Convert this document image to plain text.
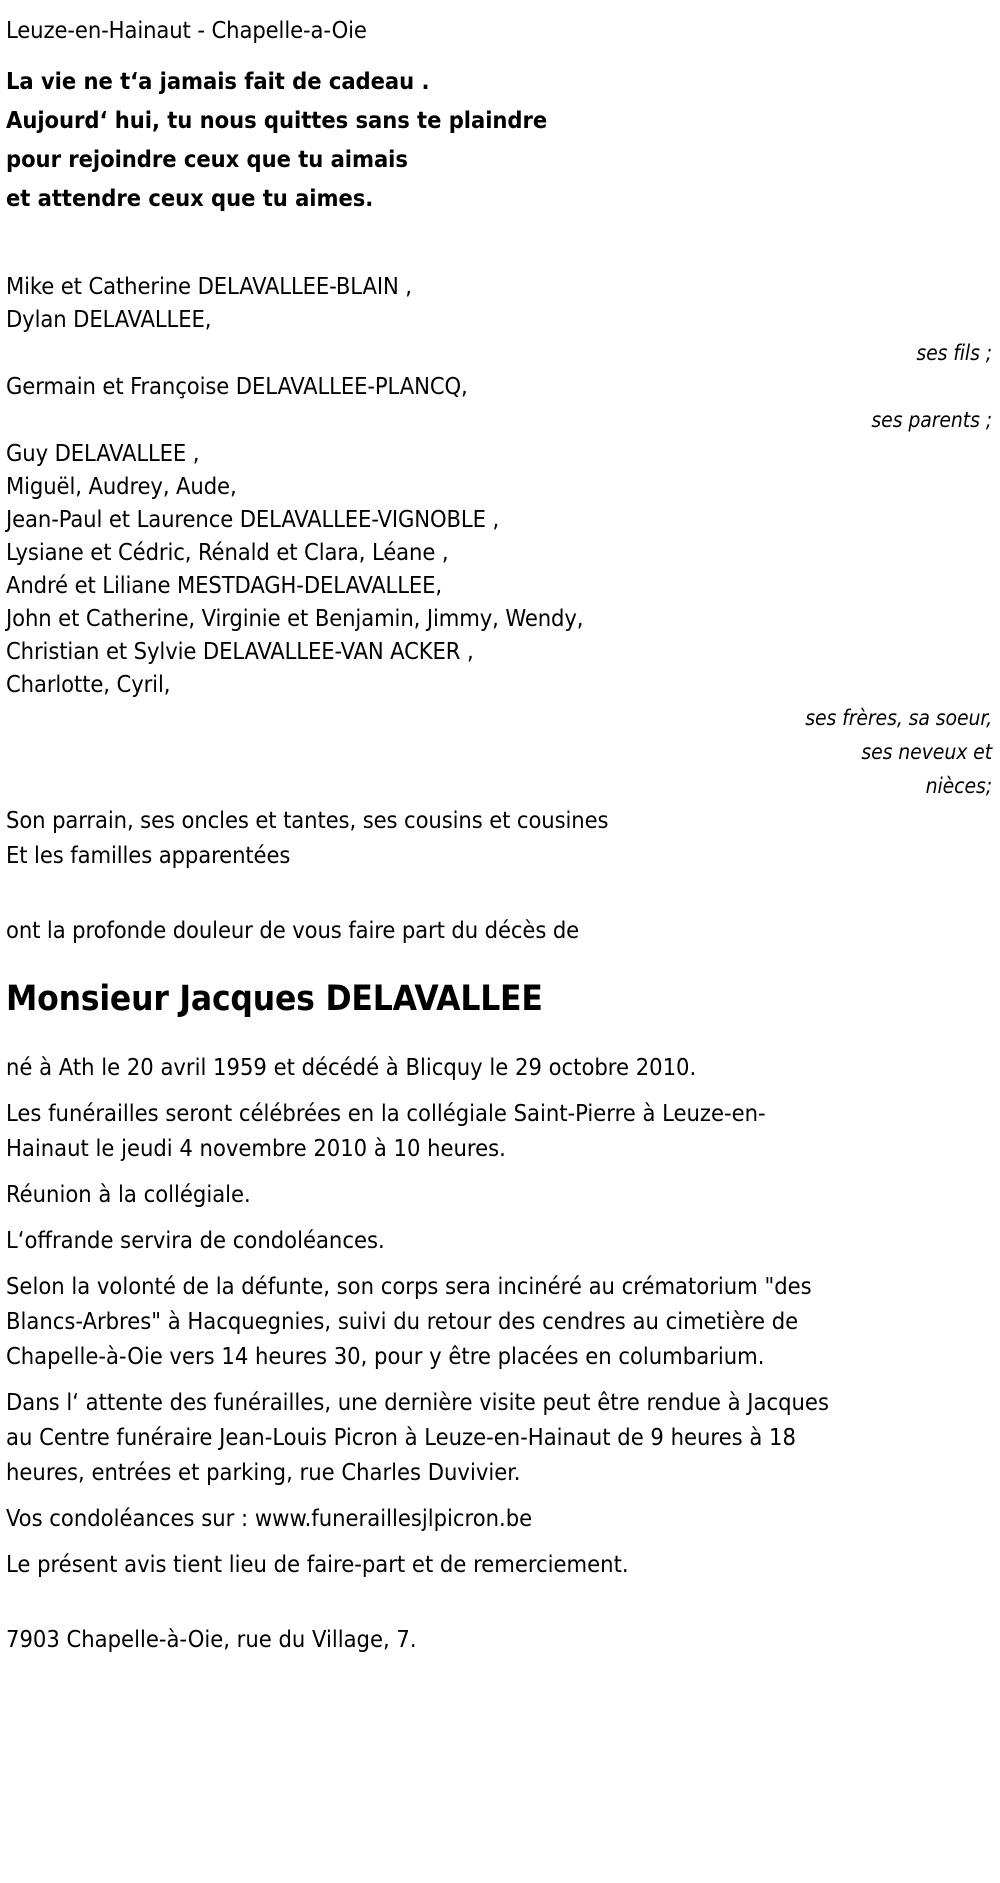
Leuze-en-Hainaut - Chapelle-a-Oie
La vie ne t‘a jamais fait de cadeau .
Aujourd‘ hui, tu nous quittes sans te plaindre
pour rejoindre ceux que tu aimais
et attendre ceux que tu aimes.
Mike et Catherine DELAVALLEE-BLAIN ,
Dylan DELAVALLEE,
ses fils ;
Germain et Françoise DELAVALLEE-PLANCQ,
ses parents ;
Guy DELAVALLEE ,
Miguël, Audrey, Aude,
Jean-Paul et Laurence DELAVALLEE-VIGNOBLE ,
Lysiane et Cédric, Rénald et Clara, Léane ,
André et Liliane MESTDAGH-DELAVALLEE,
John et Catherine, Virginie et Benjamin, Jimmy, Wendy,
Christian et Sylvie DELAVALLEE-VAN ACKER ,
Charlotte, Cyril,
ses frères, sa soeur,
ses neveux et
nièces;
Son parrain, ses oncles et tantes, ses cousins et cousines
Et les familles apparentées
ont la profonde douleur de vous faire part du décès de
Monsieur Jacques DELAVALLEE
né à Ath le 20 avril 1959 et décédé à Blicquy le 29 octobre 2010.
Les funérailles seront célébrées en la collégiale Saint-Pierre à Leuze-en-Hainaut le jeudi 4 novembre 2010 à 10 heures.
Réunion à la collégiale.
L‘offrande servira de condoléances.
Selon la volonté de la défunte, son corps sera incinéré au crématorium "des Blancs-Arbres" à Hacquegnies, suivi du retour des cendres au cimetière de Chapelle-à-Oie vers 14 heures 30, pour y être placées en columbarium.
Dans l‘ attente des funérailles, une dernière visite peut être rendue à Jacques au Centre funéraire Jean-Louis Picron à Leuze-en-Hainaut de 9 heures à 18 heures, entrées et parking, rue Charles Duvivier.
Vos condoléances sur : www.funeraillesjlpicron.be
Le présent avis tient lieu de faire-part et de remerciement.
7903 Chapelle-à-Oie, rue du Village, 7.
